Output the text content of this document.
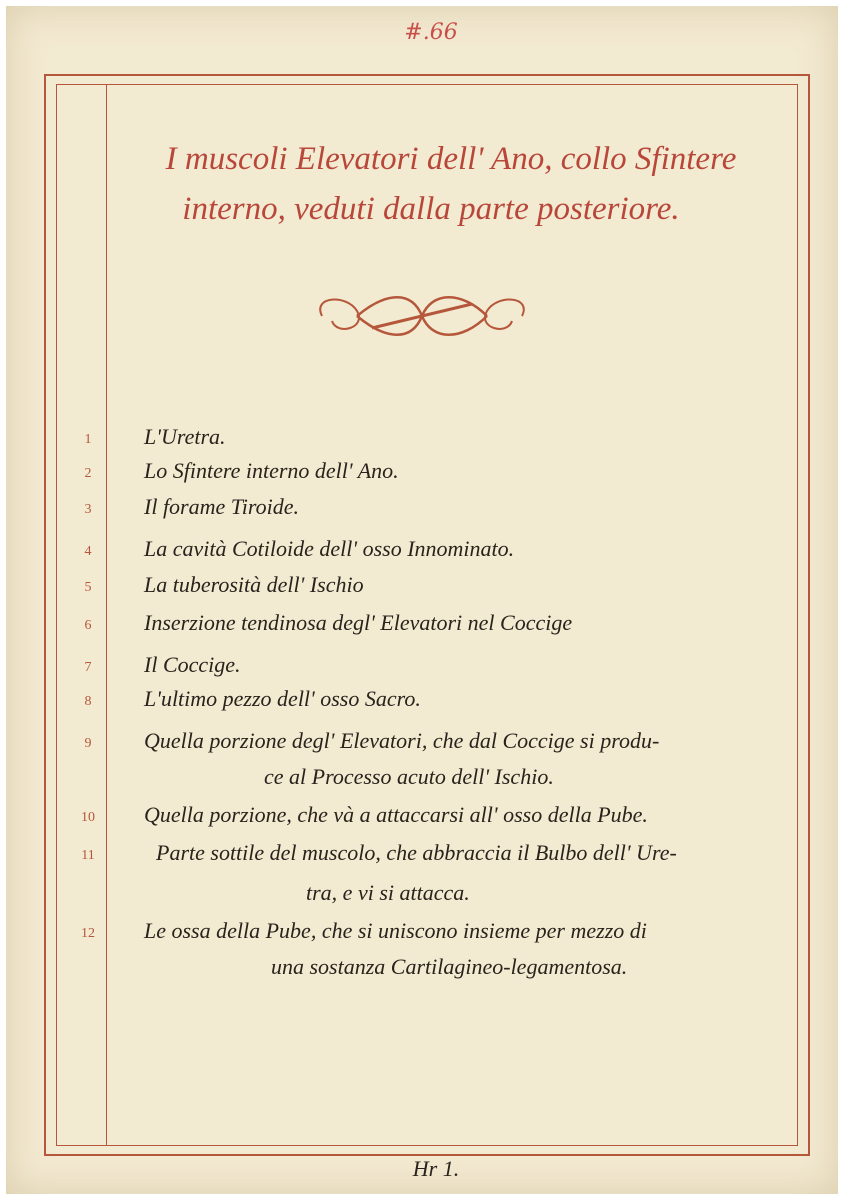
#.66
I muscoli Elevatori dell' Ano, collo Sfintere
interno, veduti dalla parte posteriore.
1	L'Uretra.
2	Lo Sfintere interno dell' Ano.
3	Il forame Tiroide.
4	La cavità Cotiloide dell' osso Innominato.
5	La tuberosità dell' Ischio
6	Inserzione tendinosa degl' Elevatori nel Coccige
7	Il Coccige.
8	L'ultimo pezzo dell' osso Sacro.
9	Quella porzione degl' Elevatori, che dal Coccige si produ-
ce al Processo acuto dell' Ischio.
10	Quella porzione, che và a attaccarsi all' osso della Pube.
11	Parte sottile del muscolo, che abbraccia il Bulbo dell' Ure-
tra, e vi si attacca.
12	Le ossa della Pube, che si uniscono insieme per mezzo di
una sostanza Cartilagineo-legamentosa.
Hr 1.
